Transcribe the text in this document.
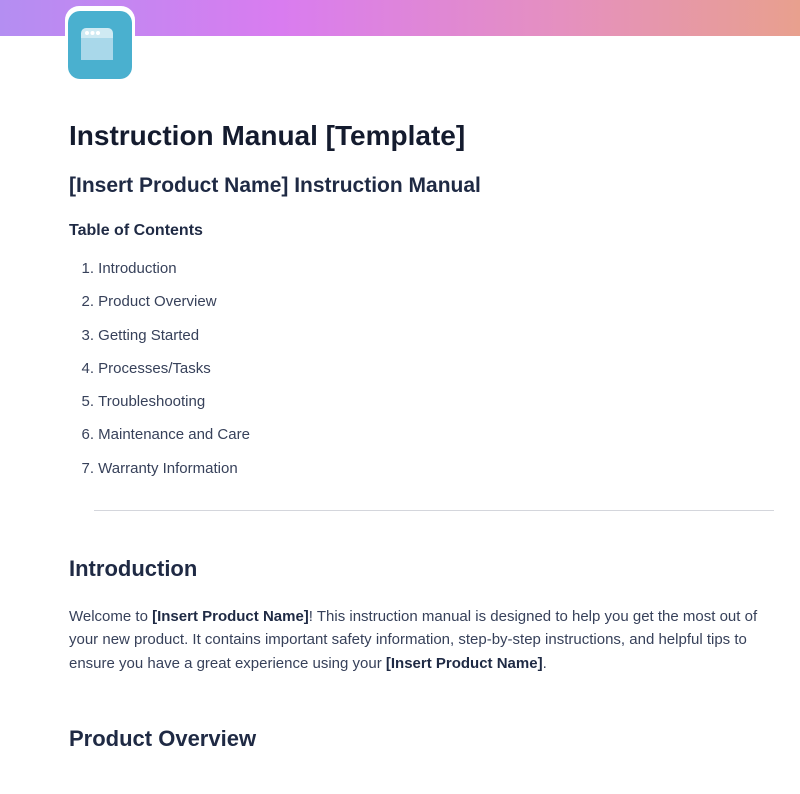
Instruction Manual [Template]
[Insert Product Name] Instruction Manual
Table of Contents
1.
Introduction
2.
Product Overview
3.
Getting Started
4.
Processes/Tasks
5.
Troubleshooting
6.
Maintenance and Care
7.
Warranty Information
Introduction

Welcome to [Insert Product Name]! This instruction manual is designed to help you get the most out of your new product. It contains important safety information, step-by-step instructions, and helpful tips to ensure you have a great experience using your [Insert Product Name].

Product Overview
